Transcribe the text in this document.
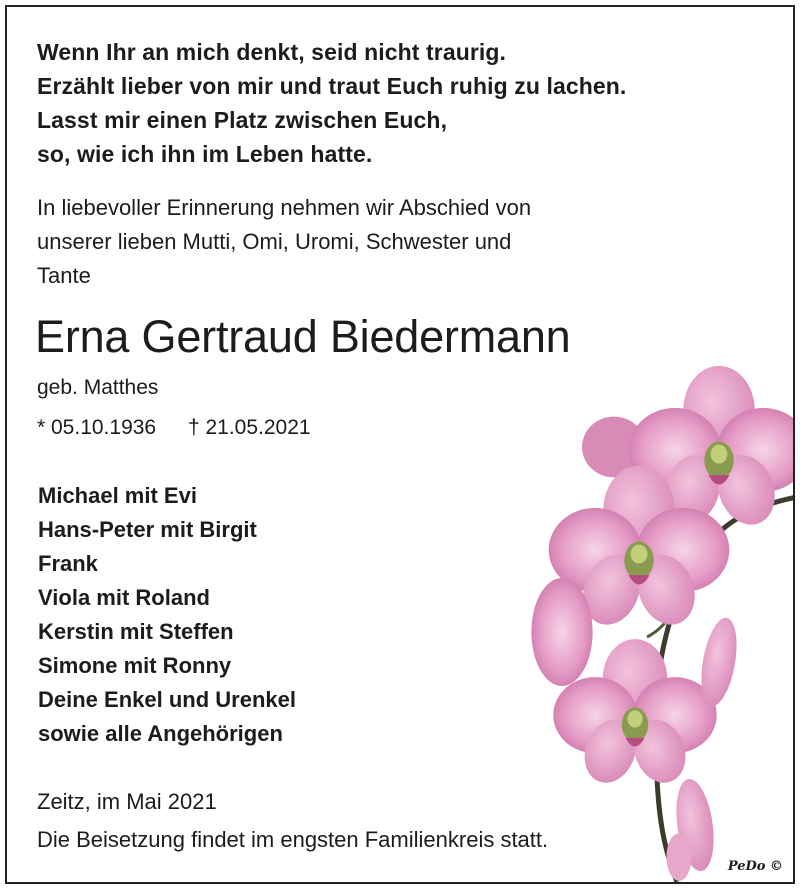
Wenn Ihr an mich denkt, seid nicht traurig.
Erzählt lieber von mir und traut Euch ruhig zu lachen.
Lasst mir einen Platz zwischen Euch,
so, wie ich ihn im Leben hatte.
In liebevoller Erinnerung nehmen wir Abschied von
unserer lieben Mutti, Omi, Uromi, Schwester und
Tante
Erna Gertraud Biedermann
geb. Matthes
* 05.10.1936 † 21.05.2021
Michael mit Evi
Hans-Peter mit Birgit
Frank
Viola mit Roland
Kerstin mit Steffen
Simone mit Ronny
Deine Enkel und Urenkel
sowie alle Angehörigen
Zeitz, im Mai 2021
Die Beisetzung findet im engsten Familienkreis statt.
PeDo ©
